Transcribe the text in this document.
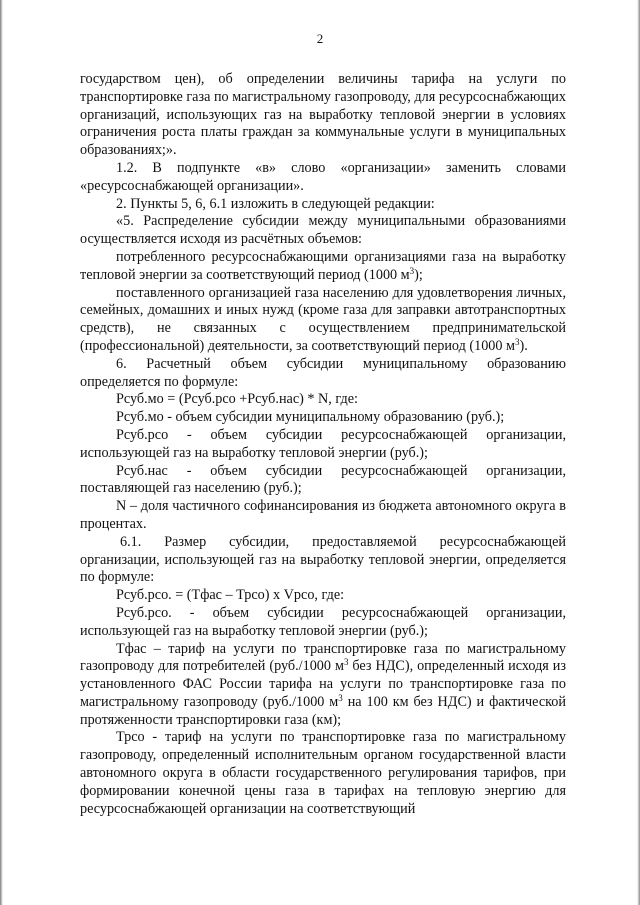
2

государством цен), об определении величины тарифа на услуги по транспортировке газа по магистральному газопроводу, для ресурсоснабжающих организаций, использующих газ на выработку тепловой энергии в условиях ограничения роста платы граждан за коммунальные услуги в муниципальных образованиях;».

1.2. В подпункте «в» слово «организации» заменить словами «ресурсоснабжающей организации».

2. Пункты 5, 6, 6.1 изложить в следующей редакции:

«5. Распределение субсидии между муниципальными образованиями осуществляется исходя из расчётных объемов:

потребленного ресурсоснабжающими организациями газа на выработку тепловой энергии за соответствующий период (1000 $м^3$);

поставленного организацией газа населению для удовлетворения личных, семейных, домашних и иных нужд (кроме газа для заправки автотранспортных средств), не связанных с осуществлением предпринимательской (профессиональной) деятельности, за соответствующий период (1000 $м^3$).

6. Расчетный объем субсидии муниципальному образованию определяется по формуле:

Рсуб.мо = (Рсуб.рсо +Рсуб.нас) * N, где:

Рсуб.мо - объем субсидии муниципальному образованию (руб.);

Рсуб.рсо - объем субсидии ресурсоснабжающей организации, использующей газ на выработку тепловой энергии (руб.);

Рсуб.нас - объем субсидии ресурсоснабжающей организации, поставляющей газ населению (руб.);

N – доля частичного софинансирования из бюджета автономного округа в процентах.

6.1. Размер субсидии, предоставляемой ресурсоснабжающей организации, использующей газ на выработку тепловой энергии, определяется по формуле:

Рсуб.рсо. = (Тфас – Трсо) х Vрсо, где:

Рсуб.рсо. - объем субсидии ресурсоснабжающей организации, использующей газ на выработку тепловой энергии (руб.);

Тфас – тариф на услуги по транспортировке газа по магистральному газопроводу для потребителей (руб./1000 $м^3$ без НДС), определенный исходя из установленного ФАС России тарифа на услуги по транспортировке газа по магистральному газопроводу (руб./1000 $м^3$ на 100 км без НДС) и фактической протяженности транспортировки газа (км);

Трсо - тариф на услуги по транспортировке газа по магистральному газопроводу, определенный исполнительным органом государственной власти автономного округа в области государственного регулирования тарифов, при формировании конечной цены газа в тарифах на тепловую энергию для ресурсоснабжающей организации на соответствующий
